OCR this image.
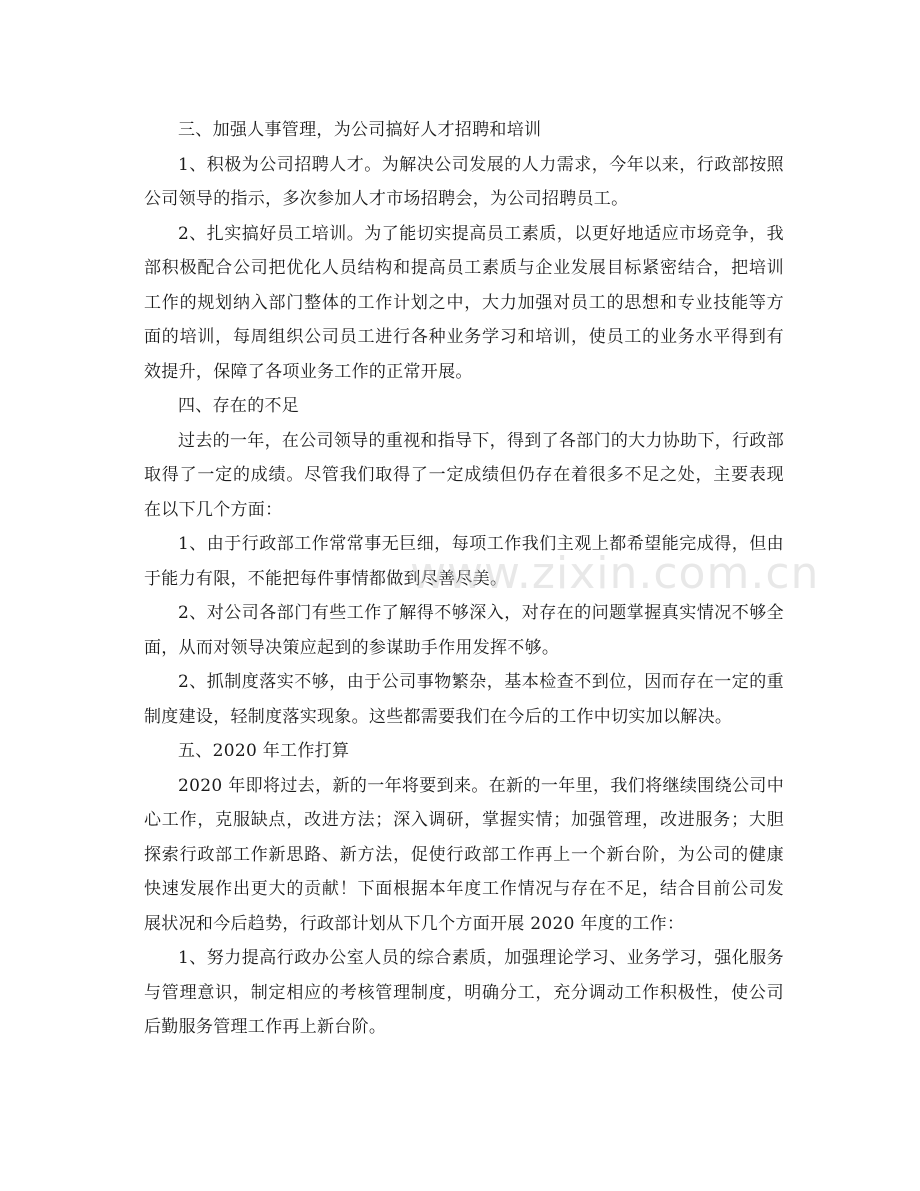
三、加强人事管理，为公司搞好人才招聘和培训

1、积极为公司招聘人才。为解决公司发展的人力需求，今年以来，行政部按照公司领导的指示，多次参加人才市场招聘会，为公司招聘员工。

2、扎实搞好员工培训。为了能切实提高员工素质，以更好地适应市场竞争，我部积极配合公司把优化人员结构和提高员工素质与企业发展目标紧密结合，把培训工作的规划纳入部门整体的工作计划之中，大力加强对员工的思想和专业技能等方面的培训，每周组织公司员工进行各种业务学习和培训，使员工的业务水平得到有效提升，保障了各项业务工作的正常开展。

四、存在的不足

过去的一年，在公司领导的重视和指导下，得到了各部门的大力协助下，行政部取得了一定的成绩。尽管我们取得了一定成绩但仍存在着很多不足之处，主要表现在以下几个方面：

1、由于行政部工作常常事无巨细，每项工作我们主观上都希望能完成得，但由于能力有限，不能把每件事情都做到尽善尽美。

2、对公司各部门有些工作了解得不够深入，对存在的问题掌握真实情况不够全面，从而对领导决策应起到的参谋助手作用发挥不够。

2、抓制度落实不够，由于公司事物繁杂，基本检查不到位，因而存在一定的重制度建设，轻制度落实现象。这些都需要我们在今后的工作中切实加以解决。

五、2020 年工作打算

2020 年即将过去，新的一年将要到来。在新的一年里，我们将继续围绕公司中心工作，克服缺点，改进方法；深入调研，掌握实情；加强管理，改进服务；大胆探索行政部工作新思路、新方法，促使行政部工作再上一个新台阶，为公司的健康快速发展作出更大的贡献！下面根据本年度工作情况与存在不足，结合目前公司发展状况和今后趋势，行政部计划从下几个方面开展 2020 年度的工作：

1、努力提高行政办公室人员的综合素质，加强理论学习、业务学习，强化服务与管理意识，制定相应的考核管理制度，明确分工，充分调动工作积极性，使公司后勤服务管理工作再上新台阶。

www.zixin.com.cn
